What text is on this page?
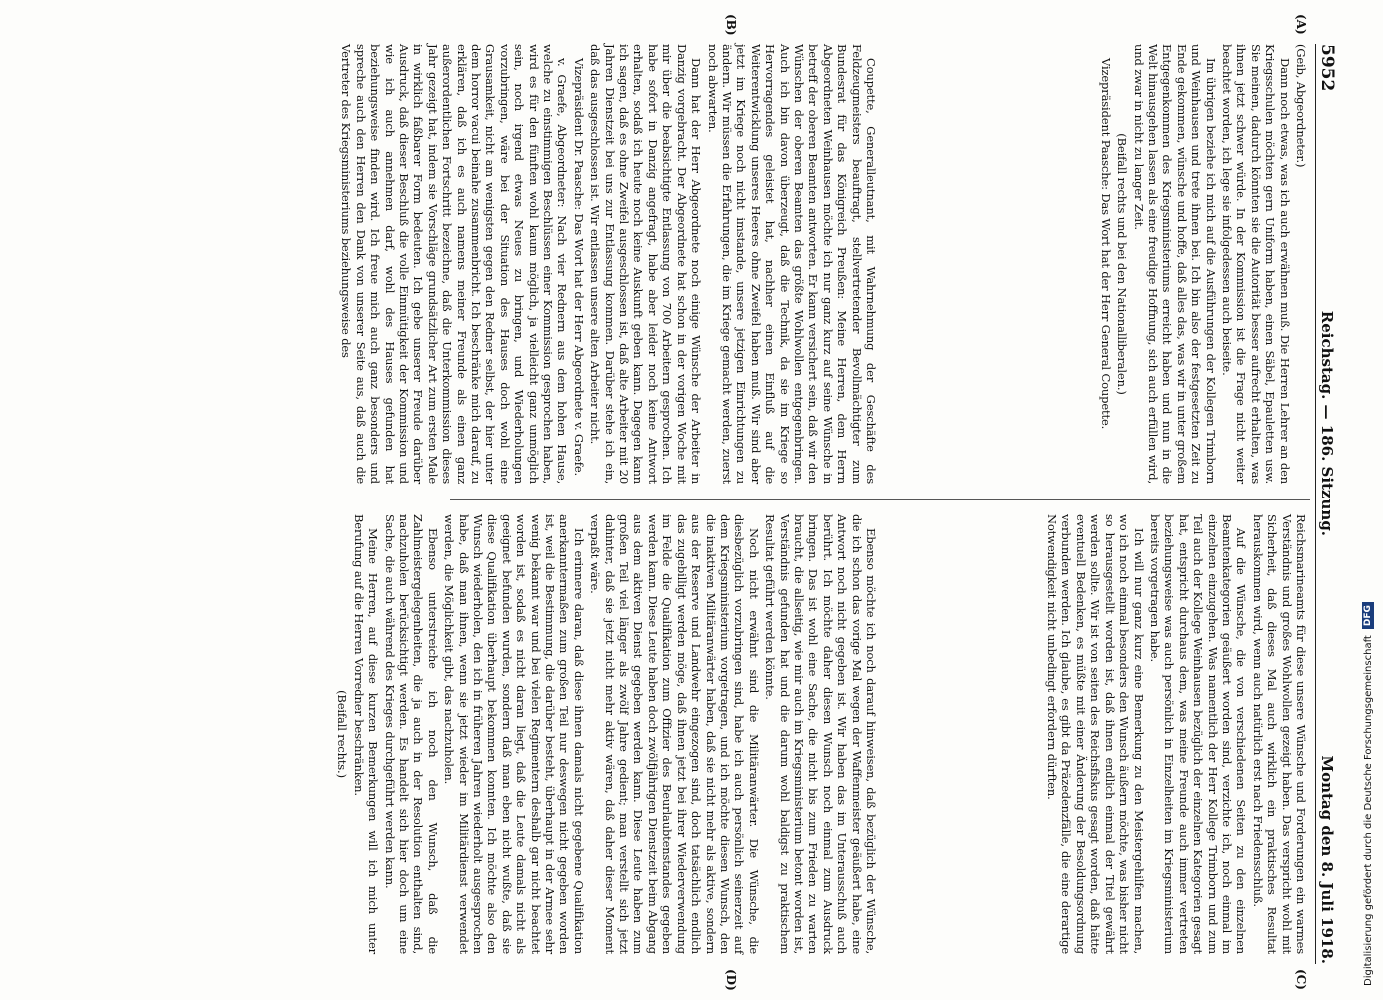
5952
Reichstag. — 186. Sitzung.
Montag den 8. Juli 1918.

(Geib, Abgeordneter.)

Dann noch etwas, was ich auch erwähnen muß. Die Herren Lehrer an den Kriegsschulen möchten gern Uniform haben, einen Säbel, Epauletten usw. Sie meinen, dadurch könnten sie die Autorität besser aufrecht erhalten, was ihnen jetzt schwer würde. In der Kommission ist die Frage nicht weiter beachtet worden, ich lege sie infolgedessen auch beiseite.

Im übrigen beziehe ich mich auf die Ausführungen der Kollegen Trimborn und Weinhausen und trete ihnen bei. Ich bin also der festgesetzten Zeit zu Ende gekommen, wünsche und hoffe, daß alles das, was wir in unter großem Entgegenkommen des Kriegsministeriums erreicht haben und nun in die Welt hinausgehen lassen als eine freudige Hoffnung, sich auch erfüllen wird, und zwar in nicht zu langer Zeit.

(Beifall rechts und bei den Nationalliberalen.)

Vizepräsident Paasche: Das Wort hat der Herr General Coupette.

Coupette, Generalleutnant, mit Wahrnehmung der Geschäfte des Feldzeugmeisters beauftragt, stellvertretender Bevollmächtigter zum Bundesrat für das Königreich Preußen: Meine Herren, dem Herrn Abgeordneten Weinhausen möchte ich nur ganz kurz auf seine Wünsche in betreff der oberen Beamten antworten. Er kann versichert sein, daß wir den Wünschen der oberen Beamten das größte Wohlwollen entgegenbringen. Auch ich bin davon überzeugt, daß die Technik, da sie im Kriege so Hervorragendes geleistet hat, nachher einen Einfluß auf die Weiterentwicklung unseres Heeres ohne Zweifel haben muß. Wir sind aber jetzt im Kriege noch nicht imstande, unsere jetzigen Einrichtungen zu ändern. Wir müssen die Erfahrungen, die im Kriege gemacht werden, zuerst noch abwarten.

Dann hat der Herr Abgeordnete noch einige Wünsche der Arbeiter in Danzig vorgebracht. Der Abgeordnete hat schon in der vorigen Woche mit mir über die beabsichtigte Entlassung von 700 Arbeitern gesprochen. Ich habe sofort in Danzig angefragt, habe aber leider noch keine Antwort erhalten, sodaß ich heute noch keine Auskunft geben kann. Dagegen kann ich sagen, daß es ohne Zweifel ausgeschlossen ist, daß alte Arbeiter mit 20 Jahren Dienstzeit bei uns zur Entlassung kommen. Darüber stehe ich ein, daß das ausgeschlossen ist. Wir entlassen unsere alten Arbeiter nicht.

Vizepräsident Dr. Paasche: Das Wort hat der Herr Abgeordnete v. Graefe.

v. Graefe, Abgeordneter: Nach vier Rednern aus dem hohen Hause, welche zu einstimmigen Beschlüssen einer Kommission gesprochen haben, wird es für den fünften wohl kaum möglich, ja vielleicht ganz unmöglich sein, noch irgend etwas Neues zu bringen, und Wiederholungen vorzubringen, wäre bei der Situation des Hauses doch wohl eine Grausamkeit, nicht am wenigsten gegen den Redner selbst, der hier unter dem horror vacui beinahe zusammenbricht. Ich beschränke mich darauf, zu erklären, daß ich es auch namens meiner Freunde als einen ganz außerordentlichen Fortschritt bezeichne, daß die Unterkommission dieses Jahr gezeigt hat, indem sie Vorschläge grundsätzlicher Art zum ersten Male in wirklich faßbarer Form bedeuten. Ich gebe unserer Freude darüber Ausdruck, daß dieser Beschluß die volle Einmütigkeit der Kommission und wie ich auch annehmen darf, wohl des Hauses gefunden hat beziehungsweise finden wird. Ich freue mich auch ganz besonders und spreche auch den Herren den Dank von unserer Seite aus, daß auch die Vertreter des Kriegsministeriums beziehungsweise des

Reichsmarineamts für diese unsere Wünsche und Forderungen ein warmes Verständnis und großes Wohlwollen gezeigt haben. Das verspricht wohl mit Sicherheit, daß dieses Mal auch wirklich ein praktisches Resultat herauskommen wird, wenn auch natürlich erst nach Friedensschluß.

Auf die Wünsche, die von verschiedenen Seiten zu den einzelnen Beamtenkategorien geäußert worden sind, verzichte ich, noch einmal im einzelnen einzugehen. Was namentlich der Herr Kollege Trimborn und zum Teil auch der Kollege Weinhausen bezüglich der einzelnen Kategorien gesagt hat, entspricht durchaus dem, was meine Freunde auch immer vertreten beziehungsweise was auch persönlich in Einzelheiten im Kriegsministerium bereits vorgetragen habe.

Ich will nur ganz kurz eine Bemerkung zu den Meistergehilfen machen, wo ich noch einmal besonders den Wunsch äußern möchte, was bisher nicht so herausgestellt worden ist, daß ihnen endlich einmal der Titel gewährt werden sollte. Wir ist von seiten des Reichsfiskus gesagt worden, daß hätte eventuell Bedenken, es müßte mit einer Änderung der Besoldungsordnung verbunden werden. Ich glaube, es gibt da Präzedenzfälle, die eine derartige Notwendigkeit nicht unbedingt erfordern dürften.

Ebenso möchte ich noch darauf hinweisen, daß bezüglich der Wünsche, die ich schon das vorige Mal wegen der Waffenmeister geäußert habe, eine Antwort noch nicht gegeben ist. Wir haben das im Unterausschuß auch berührt. Ich möchte daher diesen Wunsch noch einmal zum Ausdruck bringen. Das ist wohl eine Sache, die nicht bis zum Frieden zu warten braucht, die allseitig, wie mir auch im Kriegsministerium betont worden ist, Verständnis gefunden hat und die darum wohl baldigst zu praktischem Resultat geführt werden könnte.

Noch nicht erwähnt sind die Militäranwärter. Die Wünsche, die diesbezüglich vorzubringen sind, habe ich auch persönlich seinerzeit auf dem Kriegsministerium vorgetragen, und ich möchte diesen Wunsch, den die inaktiven Militäranwärter haben, daß sie nicht mehr als aktive, sondern aus der Reserve und Landwehr eingezogen sind, doch tatsächlich endlich das zugebilligt werden möge, daß ihnen jetzt bei ihrer Wiederverwendung im Felde die Qualifikation zum Offizier des Beurlaubtenstandes gegeben werden kann. Diese Leute haben doch zwölfjährigen Dienstzeit beim Abgang aus dem aktiven Dienst gegeben werden kann. Diese Leute haben zum großen Teil viel länger als zwölf Jahre gedient; man verstellt sich jetzt dahinter, daß sie jetzt nicht mehr aktiv wären, daß daher dieser Moment verpaßt wäre.

Ich erinnere daran, daß diese ihnen damals nicht gegebene Qualifikation anerkanntermaßen zum großen Teil nur deswegen nicht gegeben worden ist, weil die Bestimmung, die darüber besteht, überhaupt in der Armee sehr wenig bekannt war und bei vielen Regimentern deshalb gar nicht beachtet worden ist, sodaß es nicht daran liegt, daß die Leute damals nicht als geeignet befunden wurden, sondern daß man eben nicht wußte, daß sie diese Qualifikation überhaupt bekommen konnten. Ich möchte also den Wunsch wiederholen, den ich in früheren Jahren wiederholt ausgesprochen habe, daß man ihnen, wenn sie jetzt wieder im Militärdienst verwendet werden, die Möglichkeit gibt, das nachzuholen.

Ebenso unterstreiche ich noch den Wunsch, daß die Zahlmeistergelegenheiten, die ja auch in der Resolution enthalten sind, nachzuholen berücksichtigt werden. Es handelt sich hier doch um eine Sache, die auch während des Krieges durchgeführt werden kann.

Meine Herren, auf diese kurzen Bemerkungen will ich mich unter Berufung auf die Herren Vorredner beschränken.

(Beifall rechts.)

(A)
(B)
(C)
(D)	Digitalisierung gefördert durch die Deutsche Forschungsgemeinschaft
DFG
